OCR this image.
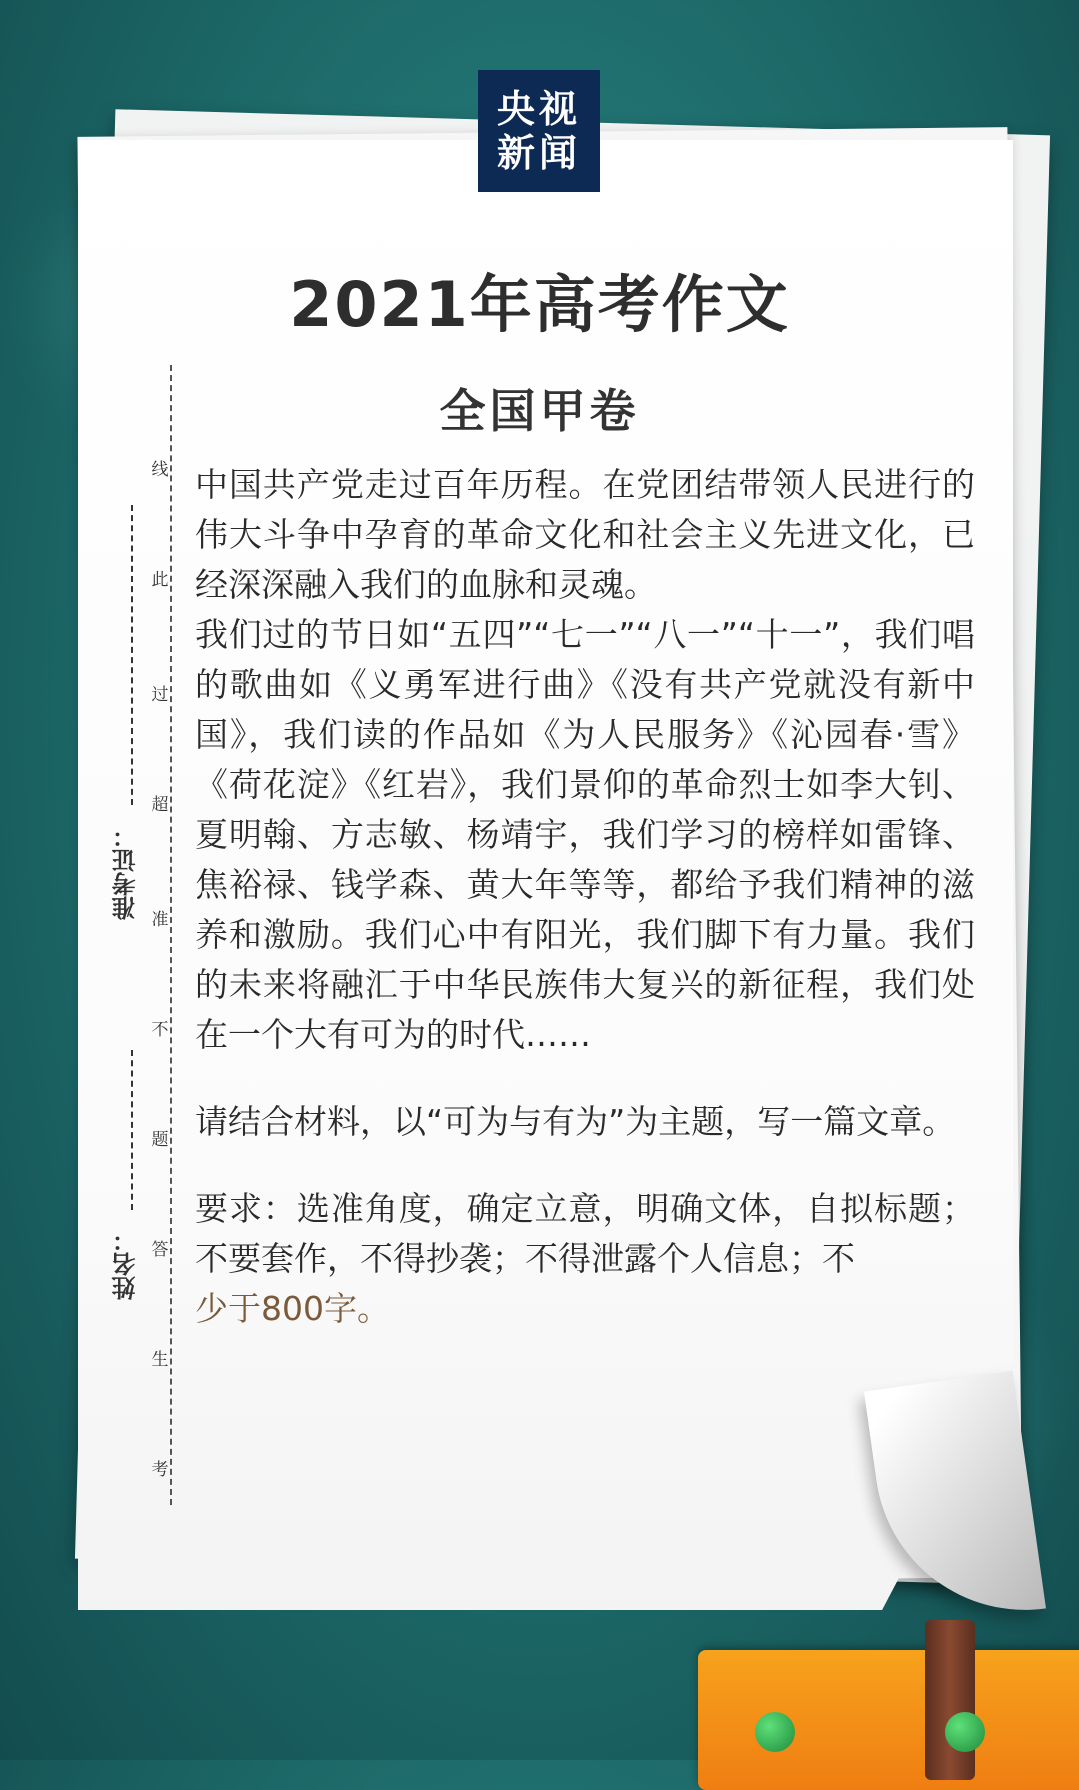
央视
新闻
2021年高考作文
全国甲卷
线
此
过
超
准
不
题
答
生
考
准考证：
姓名：

中国共产党走过百年历程。在党团结带领人民进行的伟大斗争中孕育的革命文化和社会主义先进文化，已经深深融入我们的血脉和灵魂。

我们过的节日如“五四”“七一”“八一”“十一”，我们唱的歌曲如《义勇军进行曲》《没有共产党就没有新中国》，我们读的作品如《为人民服务》《沁园春·雪》《荷花淀》《红岩》，我们景仰的革命烈士如李大钊、夏明翰、方志敏、杨靖宇，我们学习的榜样如雷锋、焦裕禄、钱学森、黄大年等等，都给予我们精神的滋养和激励。我们心中有阳光，我们脚下有力量。我们的未来将融汇于中华民族伟大复兴的新征程，我们处在一个大有可为的时代……

请结合材料，以“可为与有为”为主题，写一篇文章。

要求：选准角度，确定立意，明确文体，自拟标题；不要套作，不得抄袭；不得泄露个人信息；不
少于800字。
